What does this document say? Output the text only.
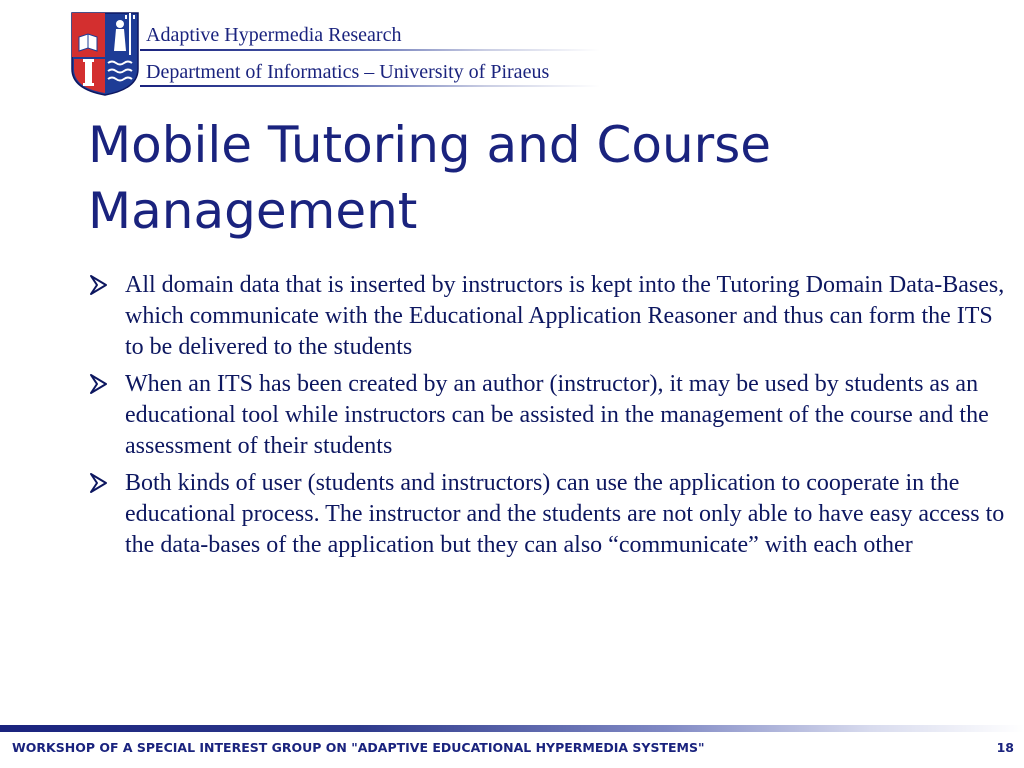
Adaptive Hypermedia Research
Department of Informatics – University of Piraeus
Mobile Tutoring and Course Management
All domain data that is inserted by instructors is kept into the Tutoring Domain Data-Bases, which communicate with the Educational Application Reasoner and thus can form the ITS to be delivered to the students
When an ITS has been created by an author (instructor), it may be used by students as an educational tool while instructors can be assisted in the management of the course and the assessment of their students
Both kinds of user (students and instructors) can use the application to cooperate in the educational process. The instructor and the students are not only able to have easy access to the data-bases of the application but they can also “communicate” with each other
WORKSHOP OF A SPECIAL INTEREST GROUP ON "ADAPTIVE EDUCATIONAL HYPERMEDIA SYSTEMS"	18
